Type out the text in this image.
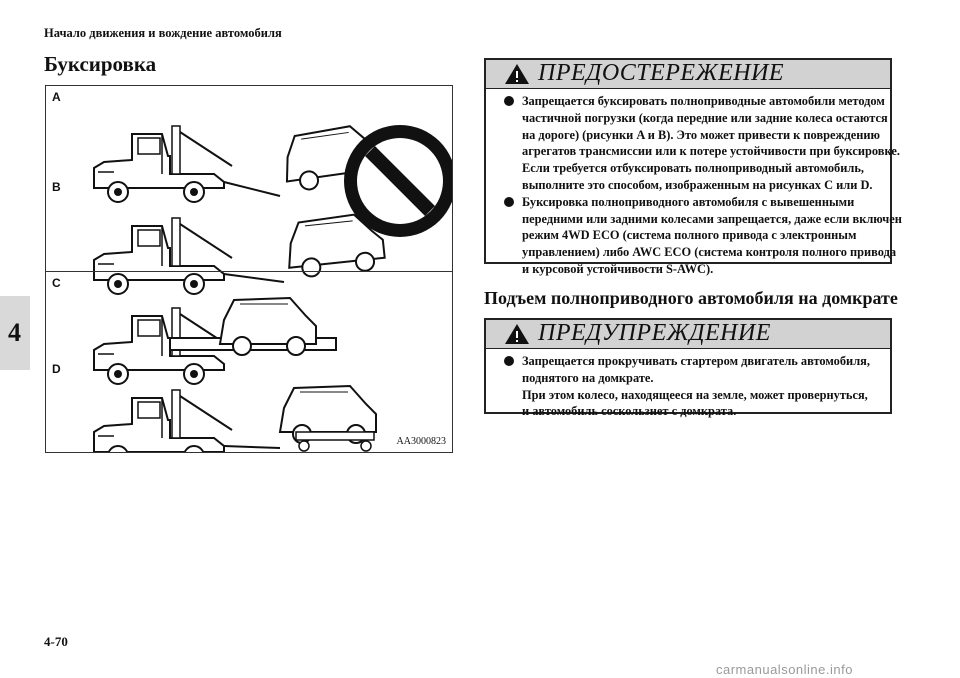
Начало движения и вождение автомобиля
Буксировка
4
A
B
C
D
AA3000823
ПРЕДОСТЕРЕЖЕНИЕ
Запрещается буксировать полноприводные автомобили методом
частичной погрузки (когда передние или задние колеса остаются
на дороге) (рисунки A и B). Это может привести к повреждению
агрегатов трансмиссии или к потере устойчивости при буксировке.
Если требуется отбуксировать полноприводный автомобиль,
выполните это способом, изображенным на рисунках C или D.
Буксировка полноприводного автомобиля с вывешенными
передними или задними колесами запрещается, даже если включен
режим 4WD ECO (система полного привода с электронным
управлением) либо AWC ECO (система контроля полного привода
и курсовой устойчивости S-AWC).
Подъем полноприводного автомобиля на домкрате
ПРЕДУПРЕЖДЕНИЕ
Запрещается прокручивать стартером двигатель автомобиля,
поднятого на домкрате.
При этом колесо, находящееся на земле, может провернуться,
и автомобиль соскользнет с домкрата.
4-70
carmanualsonline.info
